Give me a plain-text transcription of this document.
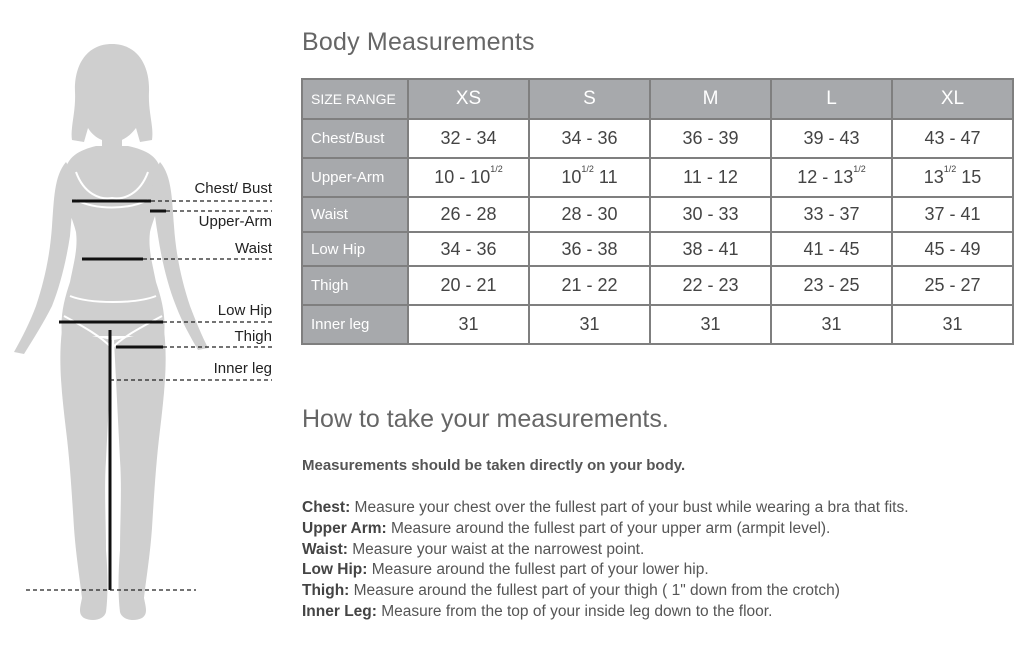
Chest/ Bust
Upper-Arm
Waist
Low Hip
Thigh
Inner leg
Body Measurements
SIZE RANGE	XS	S	M	L	XL
Chest/Bust	32 - 34	34 - 36	36 - 39	39 - 43	43 - 47
Upper-Arm	$10 - 10^{1/2}$	$10^{1/2}$ 11	11 - 12	$12 - 13^{1/2}$	$13^{1/2}$ 15
Waist	26 - 28	28 - 30	30 - 33	33 - 37	37 - 41
Low Hip	34 - 36	36 - 38	38 - 41	41 - 45	45 - 49
Thigh	20 - 21	21 - 22	22 - 23	23 - 25	25 - 27
Inner leg	31	31	31	31	31
How to take your measurements.
Measurements should be taken directly on your body.
Chest: Measure your chest over the fullest part of your bust while wearing a bra that fits.
Upper Arm: Measure around the fullest part of your upper arm (armpit level).
Waist: Measure your waist at the narrowest point.
Low Hip: Measure around the fullest part of your lower hip.
Thigh: Measure around the fullest part of your thigh ( 1" down from the crotch)
Inner Leg: Measure from the top of your inside leg down to the floor.
